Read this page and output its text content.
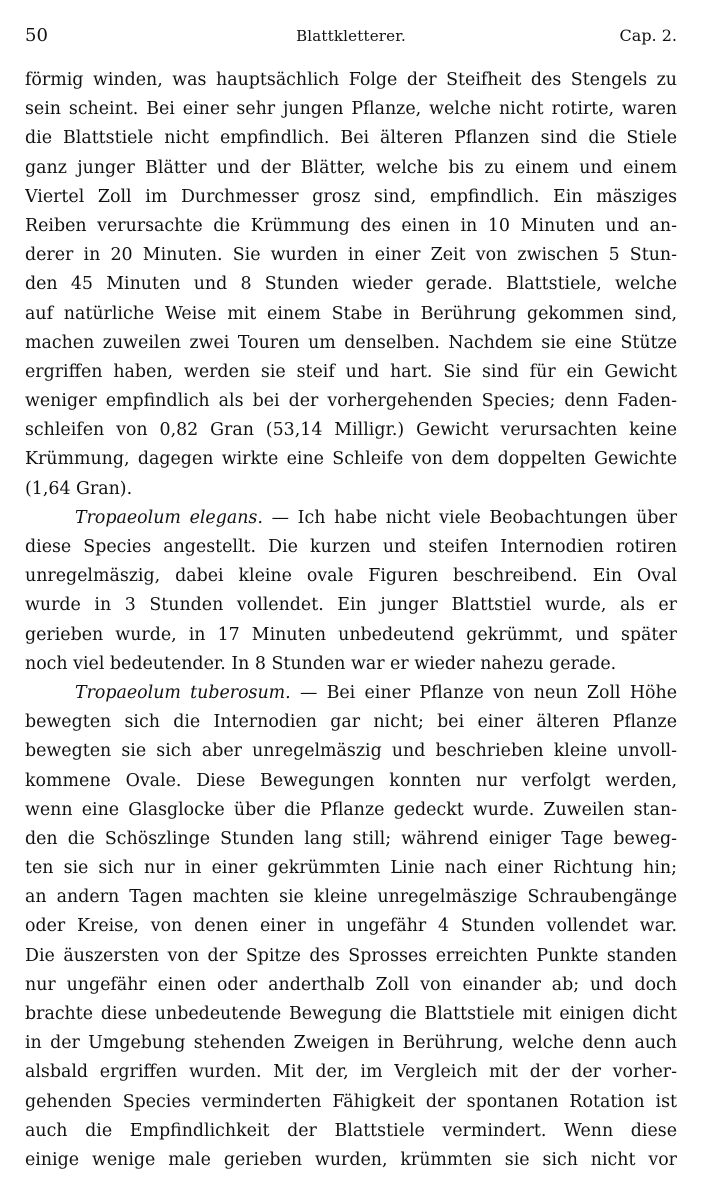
50	Blattkletterer.	Cap. 2.
förmig winden, was hauptsächlich Folge der Steifheit des Stengels zu
sein scheint. Bei einer sehr jungen Pflanze, welche nicht rotirte, waren
die Blattstiele nicht empfindlich. Bei älteren Pflanzen sind die Stiele
ganz junger Blätter und der Blätter, welche bis zu einem und einem
Viertel Zoll im Durchmesser grosz sind, empfindlich. Ein mäsziges
Reiben verursachte die Krümmung des einen in 10 Minuten und an-
derer in 20 Minuten. Sie wurden in einer Zeit von zwischen 5 Stun-
den 45 Minuten und 8 Stunden wieder gerade. Blattstiele, welche
auf natürliche Weise mit einem Stabe in Berührung gekommen sind,
machen zuweilen zwei Touren um denselben. Nachdem sie eine Stütze
ergriffen haben, werden sie steif und hart. Sie sind für ein Gewicht
weniger empfindlich als bei der vorhergehenden Species; denn Faden-
schleifen von 0,82 Gran (53,14 Milligr.) Gewicht verursachten keine
Krümmung, dagegen wirkte eine Schleife von dem doppelten Gewichte
(1,64 Gran).
Tropaeolum elegans. — Ich habe nicht viele Beobachtungen über
diese Species angestellt. Die kurzen und steifen Internodien rotiren
unregelmäszig, dabei kleine ovale Figuren beschreibend. Ein Oval
wurde in 3 Stunden vollendet. Ein junger Blattstiel wurde, als er
gerieben wurde, in 17 Minuten unbedeutend gekrümmt, und später
noch viel bedeutender. In 8 Stunden war er wieder nahezu gerade.
Tropaeolum tuberosum. — Bei einer Pflanze von neun Zoll Höhe
bewegten sich die Internodien gar nicht; bei einer älteren Pflanze
bewegten sie sich aber unregelmäszig und beschrieben kleine unvoll-
kommene Ovale. Diese Bewegungen konnten nur verfolgt werden,
wenn eine Glasglocke über die Pflanze gedeckt wurde. Zuweilen stan-
den die Schöszlinge Stunden lang still; während einiger Tage beweg-
ten sie sich nur in einer gekrümmten Linie nach einer Richtung hin;
an andern Tagen machten sie kleine unregelmäszige Schraubengänge
oder Kreise, von denen einer in ungefähr 4 Stunden vollendet war.
Die äuszersten von der Spitze des Sprosses erreichten Punkte standen
nur ungefähr einen oder anderthalb Zoll von einander ab; und doch
brachte diese unbedeutende Bewegung die Blattstiele mit einigen dicht
in der Umgebung stehenden Zweigen in Berührung, welche denn auch
alsbald ergriffen wurden. Mit der, im Vergleich mit der der vorher-
gehenden Species verminderten Fähigkeit der spontanen Rotation ist
auch die Empfindlichkeit der Blattstiele vermindert. Wenn diese
einige wenige male gerieben wurden, krümmten sie sich nicht vor
